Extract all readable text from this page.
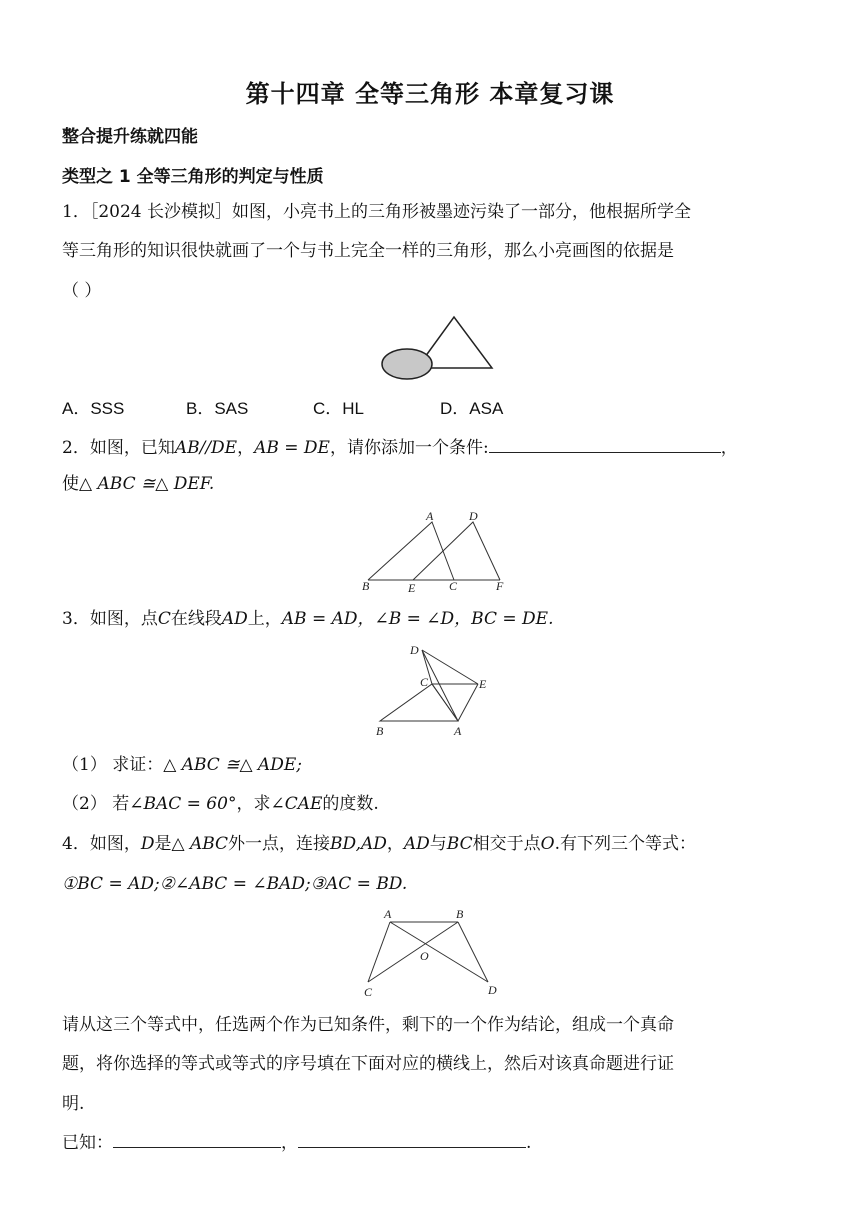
第十四章 全等三角形 本章复习课
整合提升练就四能
类型之 1 全等三角形的判定与性质
1．［2024 长沙模拟］如图，小亮书上的三角形被墨迹污染了一部分，他根据所学全
等三角形的知识很快就画了一个与书上完全一样的三角形，那么小亮画图的依据是
（ ）
A．SSS	B．SAS	C．HL	D．ASA
2．如图，已知AB//DE，AB = DE，请你添加一个条件:	，
使△ ABC ≅△ DEF.
A	D
B	E	C	F
3．如图，点C在线段AD上，AB = AD，∠B = ∠D，BC = DE.
D
C	E
B	A
（1） 求证：△ ABC ≅△ ADE;
（2） 若∠BAC = 60°，求∠CAE的度数.
4．如图，D是△ ABC外一点，连接BD,AD，AD与BC相交于点O.有下列三个等式：
①BC = AD;②∠ABC = ∠BAD;③AC = BD.
A	B
O
C	D
请从这三个等式中，任选两个作为已知条件，剩下的一个作为结论，组成一个真命
题，将你选择的等式或等式的序号填在下面对应的横线上，然后对该真命题进行证
明.
已知：	，	.
